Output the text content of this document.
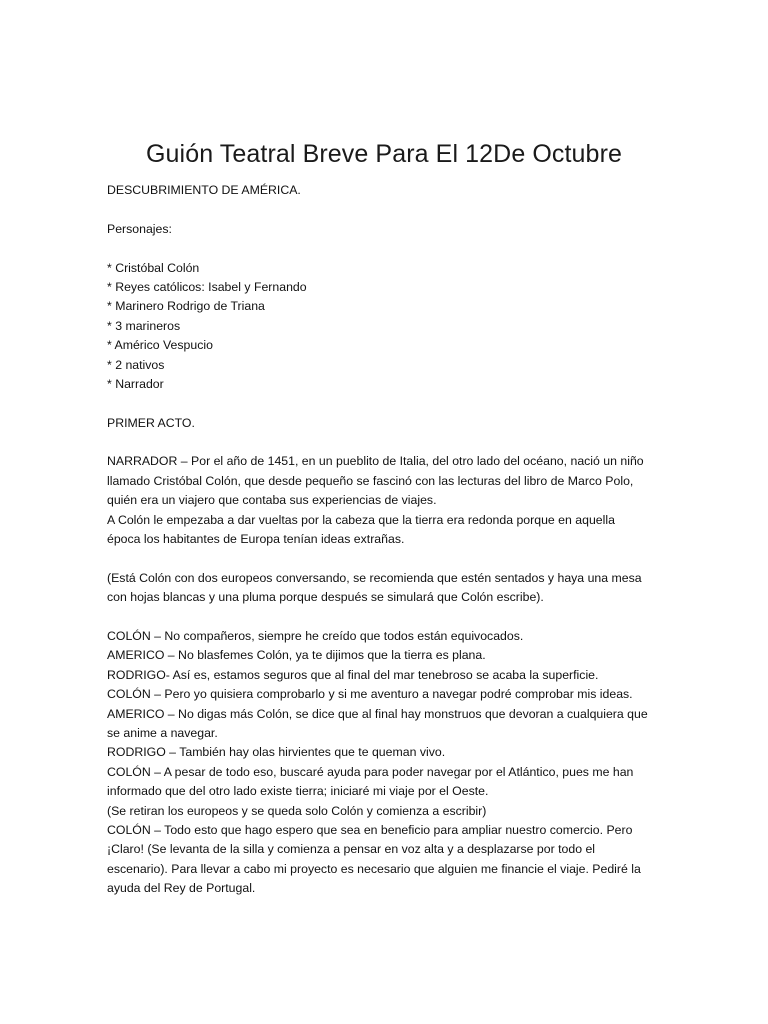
Guión Teatral Breve Para El 12De Octubre
DESCUBRIMIENTO DE AMÉRICA.
Personajes:
* Cristóbal Colón
* Reyes católicos: Isabel y Fernando
* Marinero Rodrigo de Triana
* 3 marineros
* Américo Vespucio
* 2 nativos
* Narrador
PRIMER ACTO.
NARRADOR – Por el año de 1451, en un pueblito de Italia, del otro lado del océano, nació un niño
llamado Cristóbal Colón, que desde pequeño se fascinó con las lecturas del libro de Marco Polo,
quién era un viajero que contaba sus experiencias de viajes.
A Colón le empezaba a dar vueltas por la cabeza que la tierra era redonda porque en aquella
época los habitantes de Europa tenían ideas extrañas.
(Está Colón con dos europeos conversando, se recomienda que estén sentados y haya una mesa
con hojas blancas y una pluma porque después se simulará que Colón escribe).
COLÓN – No compañeros, siempre he creído que todos están equivocados.
AMERICO – No blasfemes Colón, ya te dijimos que la tierra es plana.
RODRIGO- Así es, estamos seguros que al final del mar tenebroso se acaba la superficie.
COLÓN – Pero yo quisiera comprobarlo y si me aventuro a navegar podré comprobar mis ideas.
AMERICO – No digas más Colón, se dice que al final hay monstruos que devoran a cualquiera que
se anime a navegar.
RODRIGO – También hay olas hirvientes que te queman vivo.
COLÓN – A pesar de todo eso, buscaré ayuda para poder navegar por el Atlántico, pues me han
informado que del otro lado existe tierra; iniciaré mi viaje por el Oeste.
(Se retiran los europeos y se queda solo Colón y comienza a escribir)
COLÓN – Todo esto que hago espero que sea en beneficio para ampliar nuestro comercio. Pero
¡Claro! (Se levanta de la silla y comienza a pensar en voz alta y a desplazarse por todo el
escenario). Para llevar a cabo mi proyecto es necesario que alguien me financie el viaje. Pediré la
ayuda del Rey de Portugal.
